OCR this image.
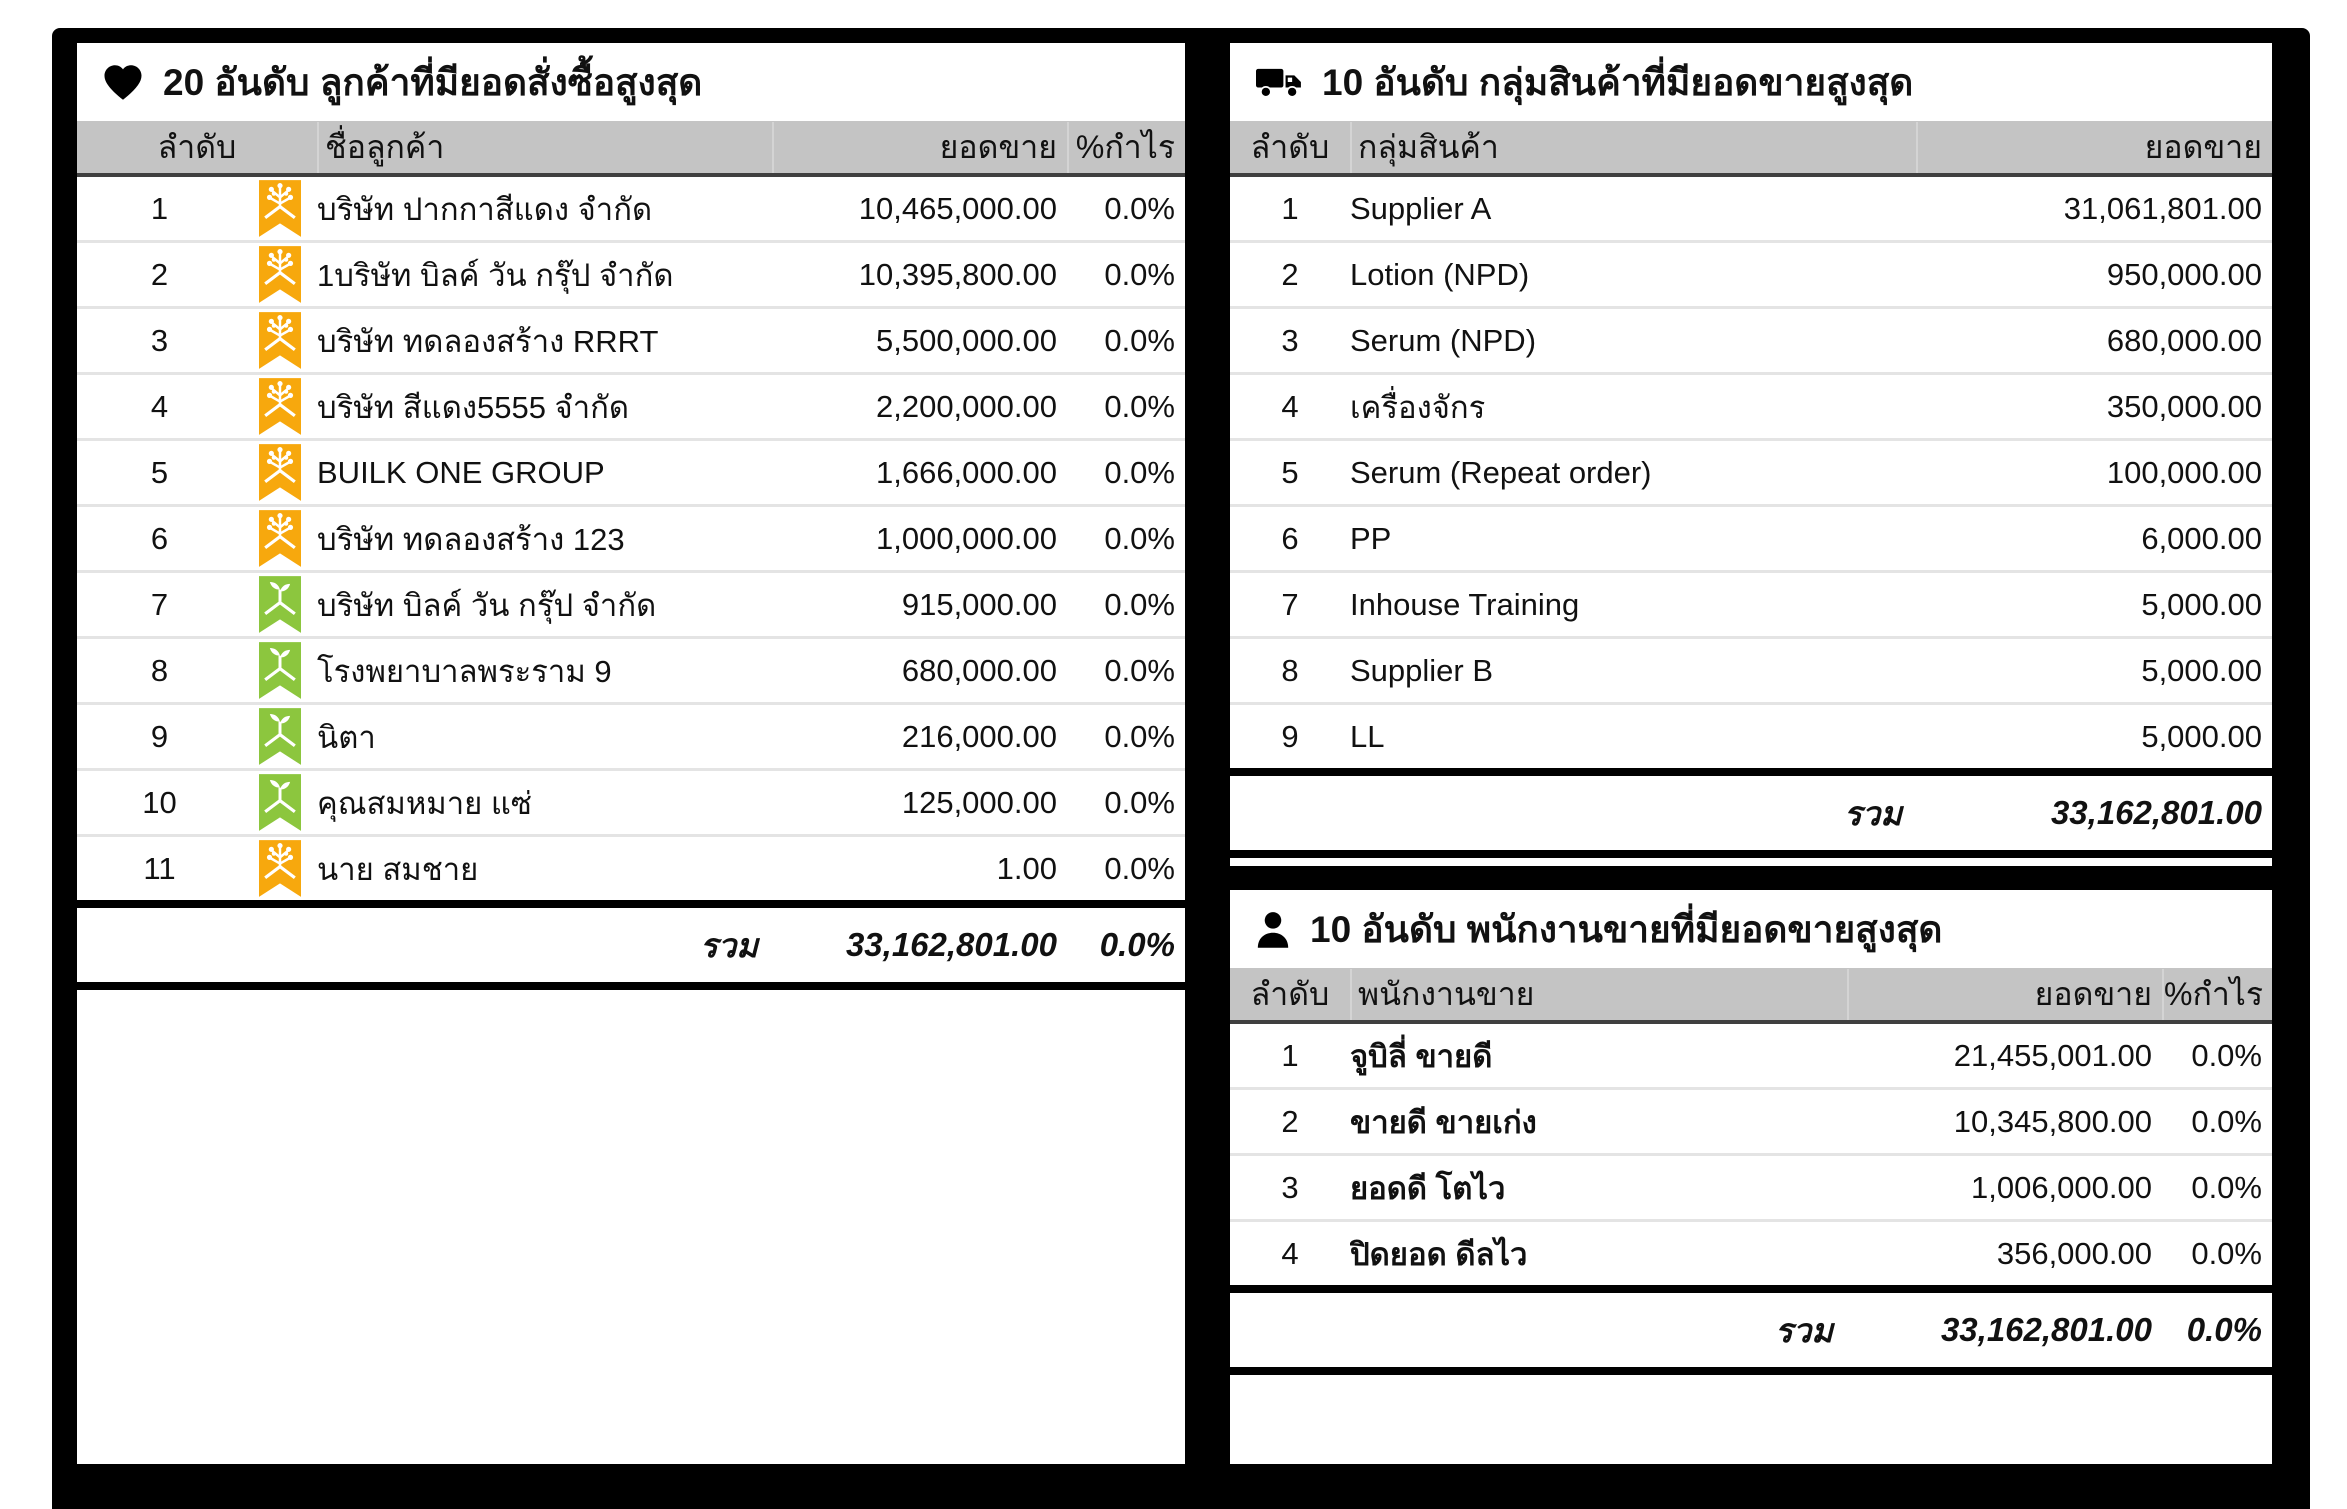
20 อันดับ ลูกค้าที่มียอดสั่งซื้อสูงสุด
ลำดับ	ชื่อลูกค้า	ยอดขาย %กำไร
1	บริษัท ปากกาสีแดง จำกัด	10,465,000.00	0.0%
2	1บริษัท บิลค์ วัน กรุ๊ป จำกัด	10,395,800.00	0.0%
3	บริษัท ทดลองสร้าง RRRT	5,500,000.00	0.0%
4	บริษัท สีแดง5555 จำกัด	2,200,000.00	0.0%
5	BUILK ONE GROUP	1,666,000.00	0.0%
6	บริษัท ทดลองสร้าง 123	1,000,000.00	0.0%
7	บริษัท บิลค์ วัน กรุ๊ป จำกัด	915,000.00	0.0%
8	โรงพยาบาลพระราม 9	680,000.00	0.0%
9	นิตา	216,000.00	0.0%
10	คุณสมหมาย แซ่	125,000.00	0.0%
11	นาย สมชาย	1.00	0.0%
รวม	33,162,801.00	0.0%
10 อันดับ กลุ่มสินค้าที่มียอดขายสูงสุด
ลำดับ กลุ่มสินค้า	ยอดขาย
1	Supplier A	31,061,801.00
2	Lotion (NPD)	950,000.00
3	Serum (NPD)	680,000.00
4	เครื่องจักร	350,000.00
5	Serum (Repeat order)	100,000.00
6	PP	6,000.00
7	Inhouse Training	5,000.00
8	Supplier B	5,000.00
9	LL	5,000.00
รวม	33,162,801.00
10 อันดับ พนักงานขายที่มียอดขายสูงสุด
ลำดับ พนักงานขาย	ยอดขาย %กำไร
1	จูบิลี่ ขายดี	21,455,001.00	0.0%
2	ขายดี ขายเก่ง	10,345,800.00	0.0%
3	ยอดดี โตไว	1,006,000.00	0.0%
4	ปิดยอด ดีลไว	356,000.00	0.0%
รวม	33,162,801.00	0.0%
